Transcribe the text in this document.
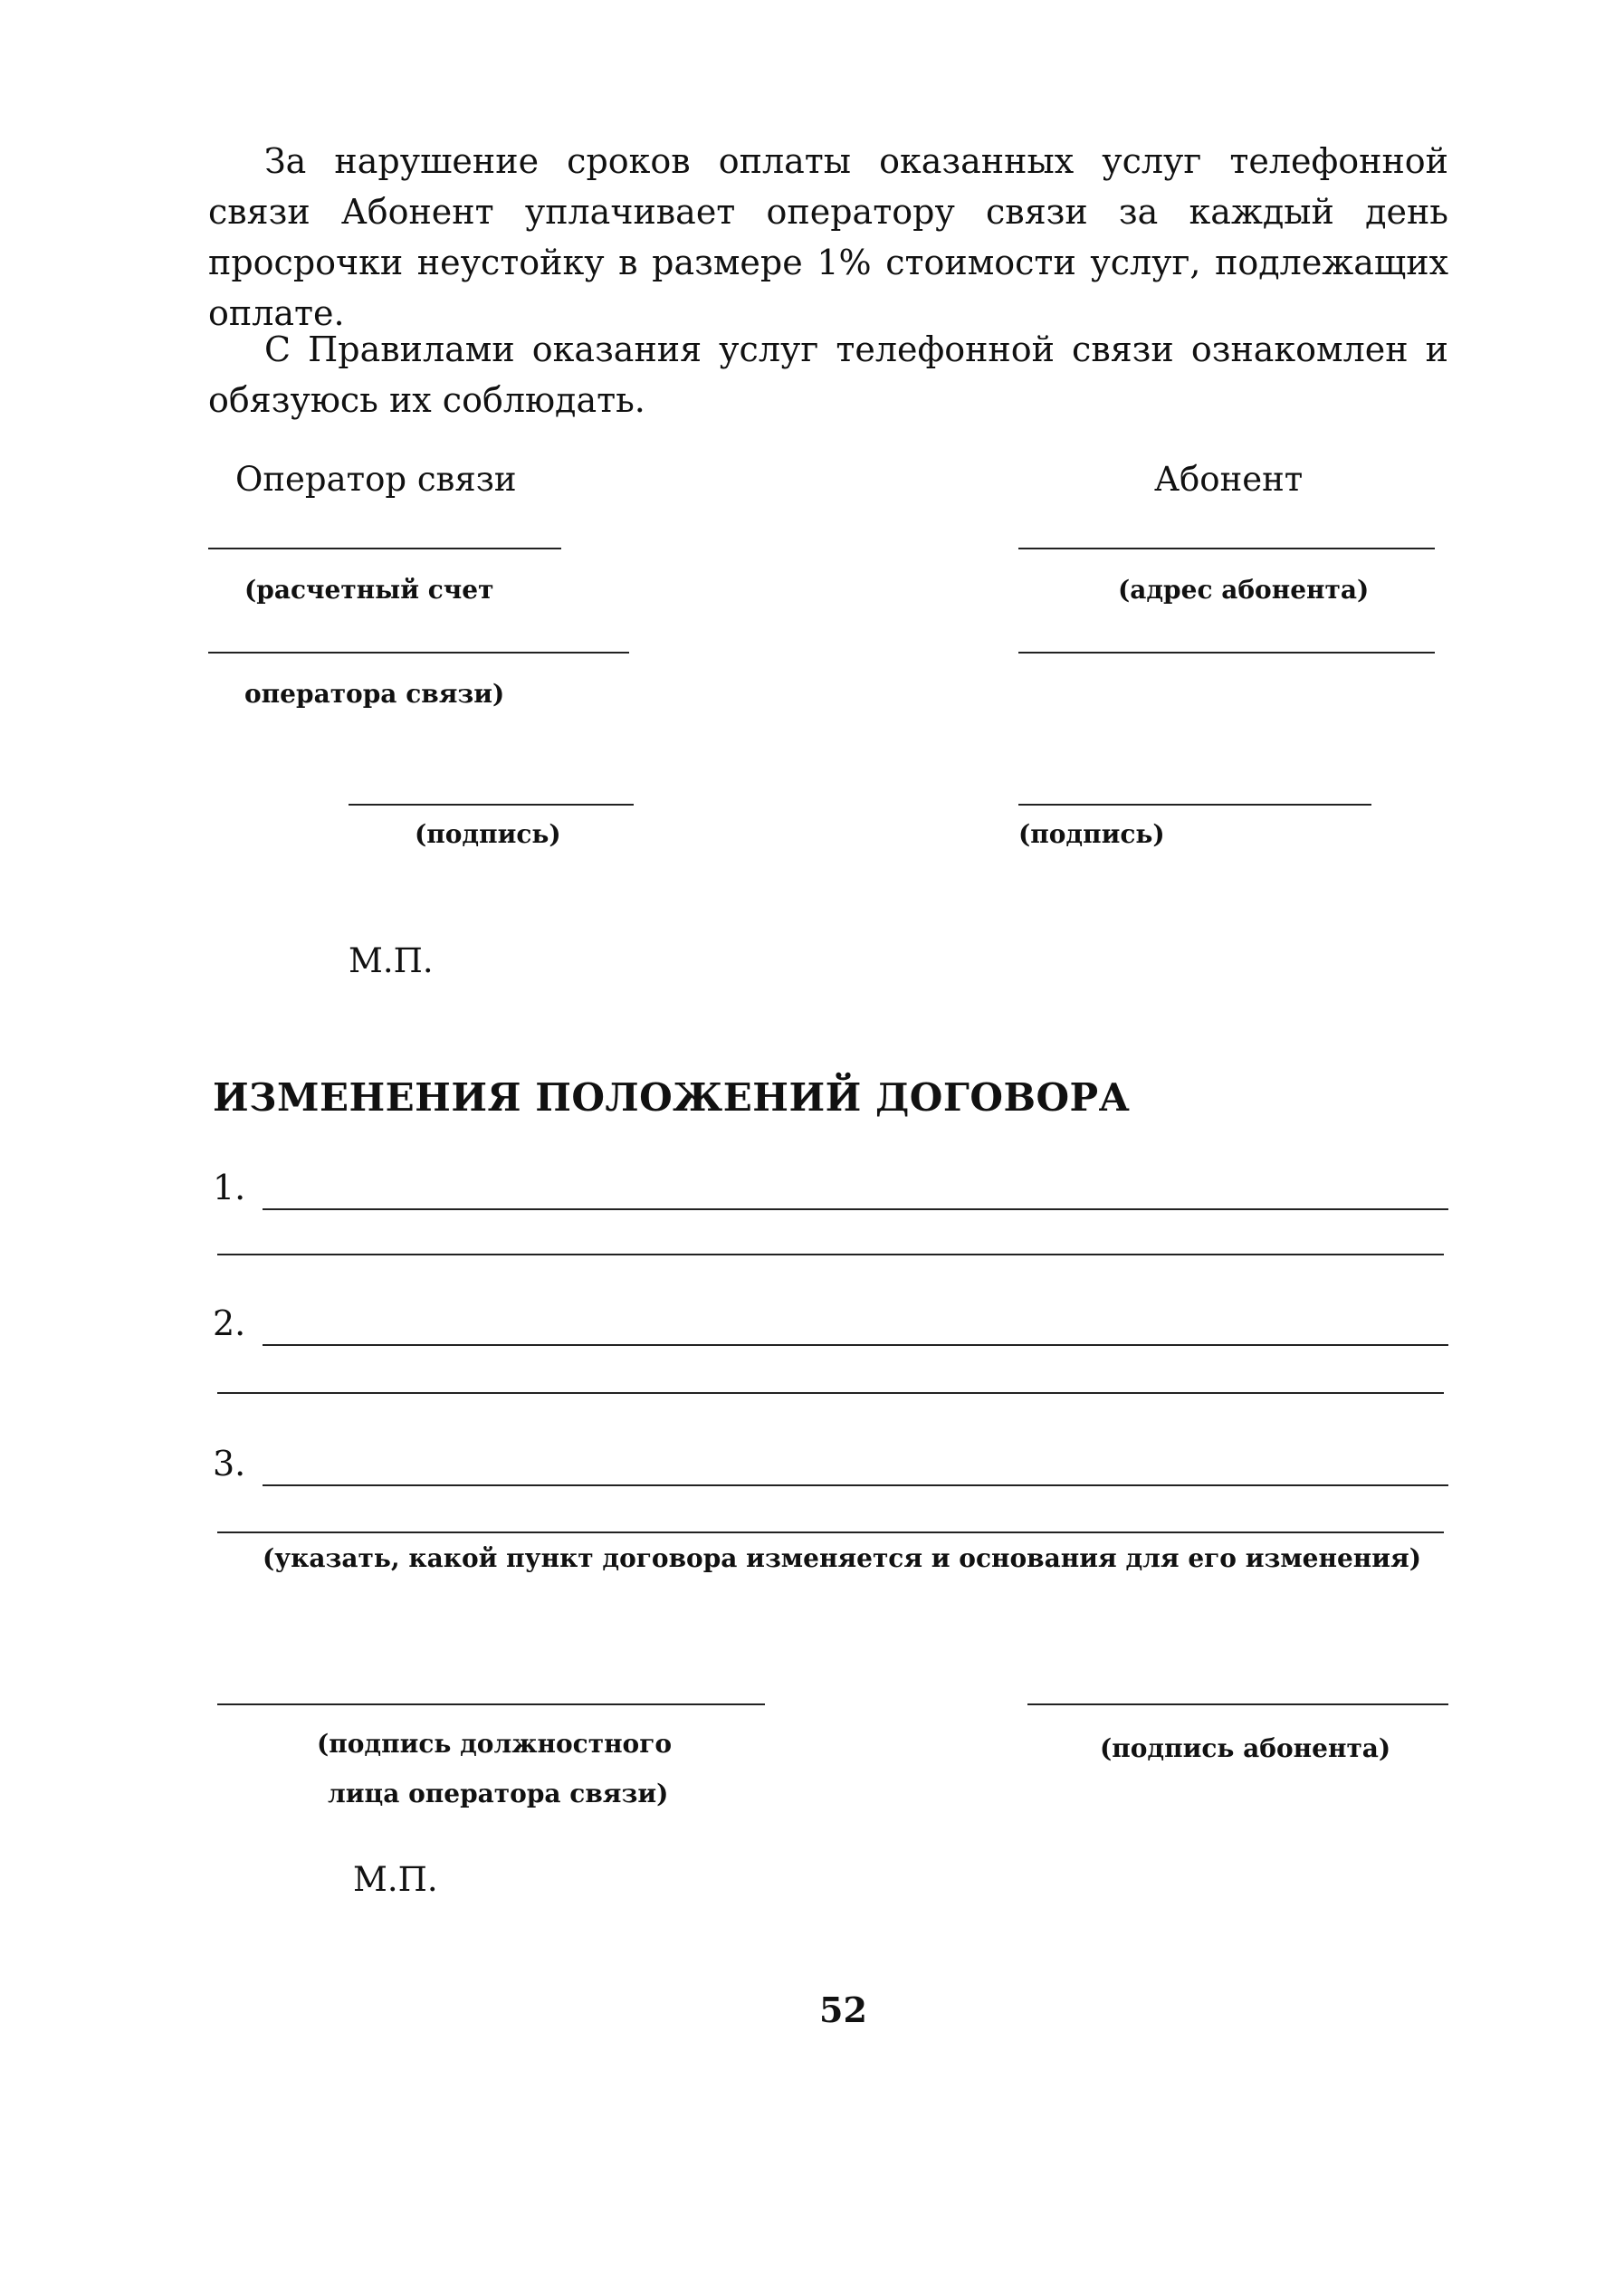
За нарушение сроков оплаты оказанных услуг телефонной связи Абонент уплачивает оператору связи за каждый день просрочки неустойку в размере 1% стоимости услуг, подлежащих оплате.

С Правилами оказания услуг телефонной связи ознакомлен и обязуюсь их соблюдать.

Оператор связи	Абонент

(расчетный счет

оператора связи)

(подпись)

М.П.

(адрес абонента)

(подпись)

ИЗМЕНЕНИЯ ПОЛОЖЕНИЙ ДОГОВОРА

1.

2.

3.

(указать, какой пункт договора изменяется и основания для его изменения)

(подпись должностного

лица оператора связи)

(подпись абонента)

М.П.

52
